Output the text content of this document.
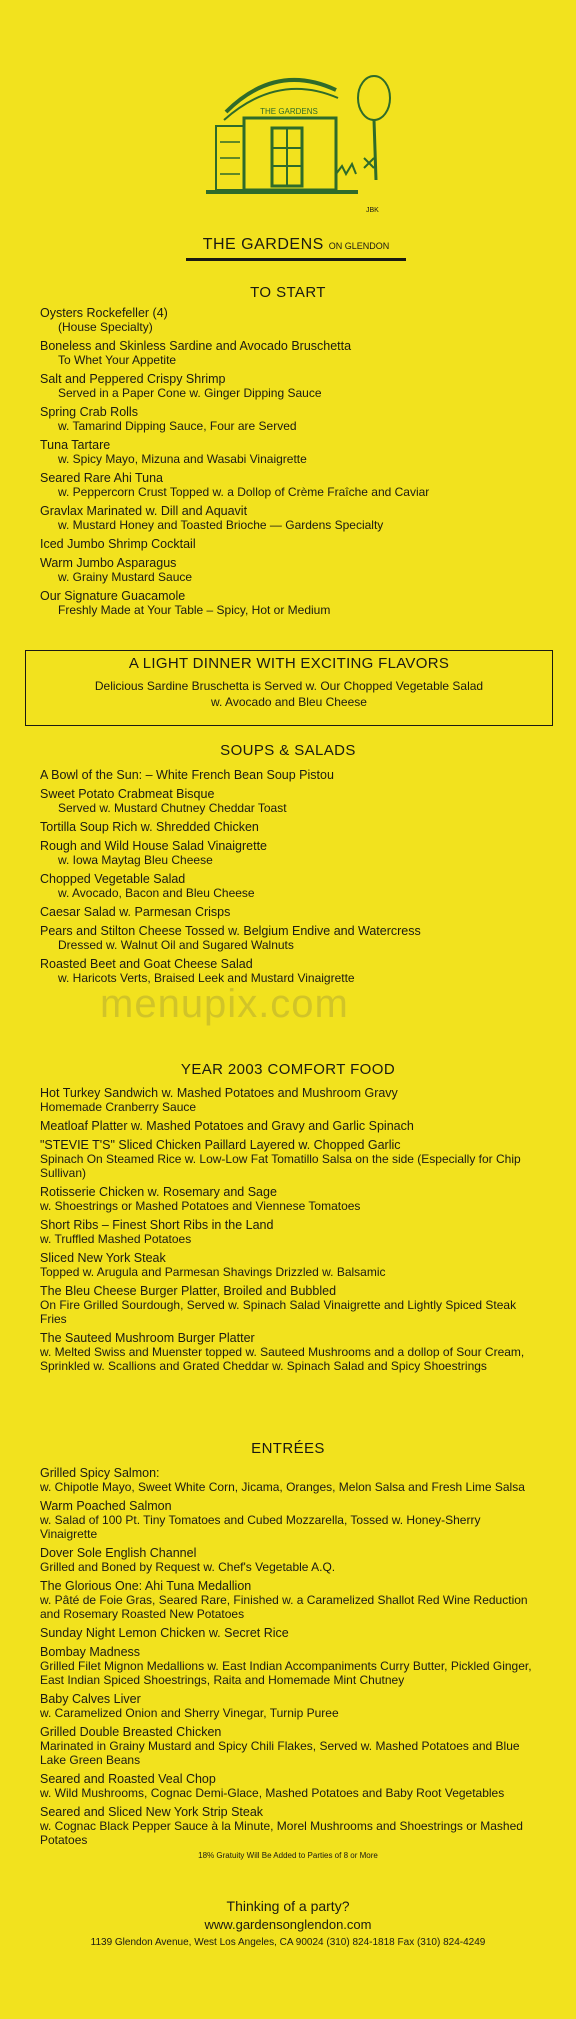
THE GARDENS
JBK
THE GARDENS ON GLENDON
TO START
Oysters Rockefeller (4)
(House Specialty)
Boneless and Skinless Sardine and Avocado Bruschetta
To Whet Your Appetite
Salt and Peppered Crispy Shrimp
Served in a Paper Cone w. Ginger Dipping Sauce
Spring Crab Rolls
w. Tamarind Dipping Sauce, Four are Served
Tuna Tartare
w. Spicy Mayo, Mizuna and Wasabi Vinaigrette
Seared Rare Ahi Tuna
w. Peppercorn Crust Topped w. a Dollop of Crème Fraîche and Caviar
Gravlax Marinated w. Dill and Aquavit
w. Mustard Honey and Toasted Brioche — Gardens Specialty
Iced Jumbo Shrimp Cocktail
Warm Jumbo Asparagus
w. Grainy Mustard Sauce
Our Signature Guacamole
Freshly Made at Your Table – Spicy, Hot or Medium
A LIGHT DINNER WITH EXCITING FLAVORS
Delicious Sardine Bruschetta is Served w. Our Chopped Vegetable Salad
w. Avocado and Bleu Cheese
SOUPS & SALADS
A Bowl of the Sun: – White French Bean Soup Pistou
Sweet Potato Crabmeat Bisque
Served w. Mustard Chutney Cheddar Toast
Tortilla Soup Rich w. Shredded Chicken
Rough and Wild House Salad Vinaigrette
w. Iowa Maytag Bleu Cheese
Chopped Vegetable Salad
w. Avocado, Bacon and Bleu Cheese
Caesar Salad w. Parmesan Crisps
Pears and Stilton Cheese Tossed w. Belgium Endive and Watercress
Dressed w. Walnut Oil and Sugared Walnuts
Roasted Beet and Goat Cheese Salad
w. Haricots Verts, Braised Leek and Mustard Vinaigrette
menupix.com
YEAR 2003 COMFORT FOOD
Hot Turkey Sandwich w. Mashed Potatoes and Mushroom Gravy
Homemade Cranberry Sauce
Meatloaf Platter w. Mashed Potatoes and Gravy and Garlic Spinach
"STEVIE T'S" Sliced Chicken Paillard Layered w. Chopped Garlic
Spinach On Steamed Rice w. Low-Low Fat Tomatillo Salsa on the side (Especially for Chip Sullivan)
Rotisserie Chicken w. Rosemary and Sage
w. Shoestrings or Mashed Potatoes and Viennese Tomatoes
Short Ribs – Finest Short Ribs in the Land
w. Truffled Mashed Potatoes
Sliced New York Steak
Topped w. Arugula and Parmesan Shavings Drizzled w. Balsamic
The Bleu Cheese Burger Platter, Broiled and Bubbled
On Fire Grilled Sourdough, Served w. Spinach Salad Vinaigrette and Lightly Spiced Steak Fries
The Sauteed Mushroom Burger Platter
w. Melted Swiss and Muenster topped w. Sauteed Mushrooms and a dollop of Sour Cream, Sprinkled w. Scallions and Grated Cheddar w. Spinach Salad and Spicy Shoestrings
ENTRÉES
Grilled Spicy Salmon:
w. Chipotle Mayo, Sweet White Corn, Jicama, Oranges, Melon Salsa and Fresh Lime Salsa
Warm Poached Salmon
w. Salad of 100 Pt. Tiny Tomatoes and Cubed Mozzarella, Tossed w. Honey-Sherry Vinaigrette
Dover Sole English Channel
Grilled and Boned by Request w. Chef's Vegetable A.Q.
The Glorious One: Ahi Tuna Medallion
w. Pâté de Foie Gras, Seared Rare, Finished w. a Caramelized Shallot Red Wine Reduction and Rosemary Roasted New Potatoes
Sunday Night Lemon Chicken w. Secret Rice
Bombay Madness
Grilled Filet Mignon Medallions w. East Indian Accompaniments Curry Butter, Pickled Ginger, East Indian Spiced Shoestrings, Raita and Homemade Mint Chutney
Baby Calves Liver
w. Caramelized Onion and Sherry Vinegar, Turnip Puree
Grilled Double Breasted Chicken
Marinated in Grainy Mustard and Spicy Chili Flakes, Served w. Mashed Potatoes and Blue Lake Green Beans
Seared and Roasted Veal Chop
w. Wild Mushrooms, Cognac Demi-Glace, Mashed Potatoes and Baby Root Vegetables
Seared and Sliced New York Strip Steak
w. Cognac Black Pepper Sauce à la Minute, Morel Mushrooms and Shoestrings or Mashed Potatoes
18% Gratuity Will Be Added to Parties of 8 or More
Thinking of a party?
www.gardensonglendon.com
1139 Glendon Avenue, West Los Angeles, CA 90024 (310) 824-1818 Fax (310) 824-4249
